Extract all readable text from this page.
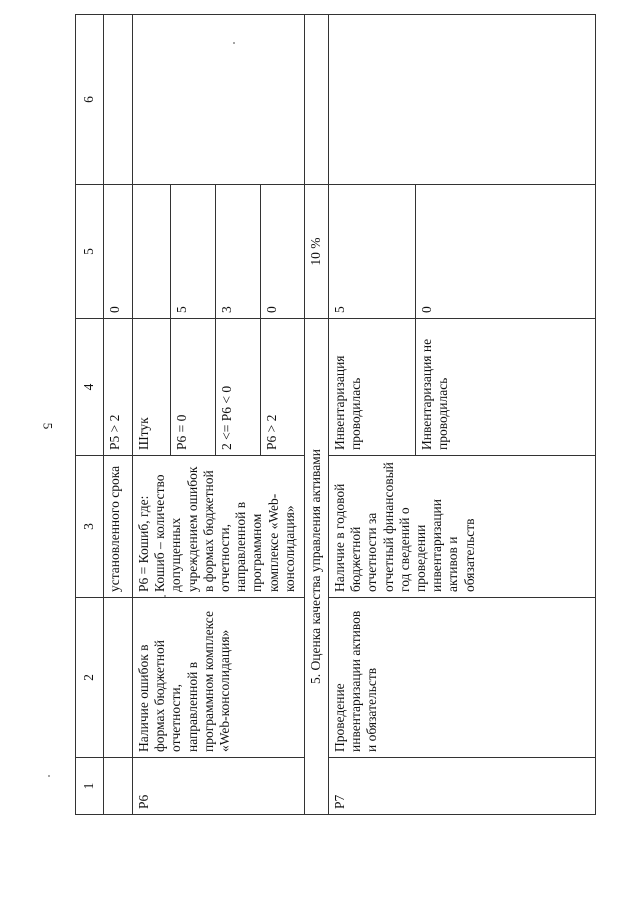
5
1	2	3	4	5	6
		установленного срока	P5 > 2	0	
P6	Наличие ошибок в формах бюджетной отчетности, направленной в программном комплексе «Web-консолидация»	P6 = Кошиб, где:
Кошиб – количество допущенных учреждением ошибок в формах бюджетной отчетности, направленной в программном комплексе «Web-консолидация»	Штук		
			P6 = 0	5	
			2 <= P6 < 0	3	
			P6 > 2	0	
5. Оценка качества управления активами				10 %	
P7	Проведение инвентаризации активов и обязательств	Наличие в годовой бюджетной отчетности за отчетный финансовый год сведений о проведении инвентаризации активов и обязательств	Инвентаризация проводилась	5	
			Инвентаризация не проводилась	0	
